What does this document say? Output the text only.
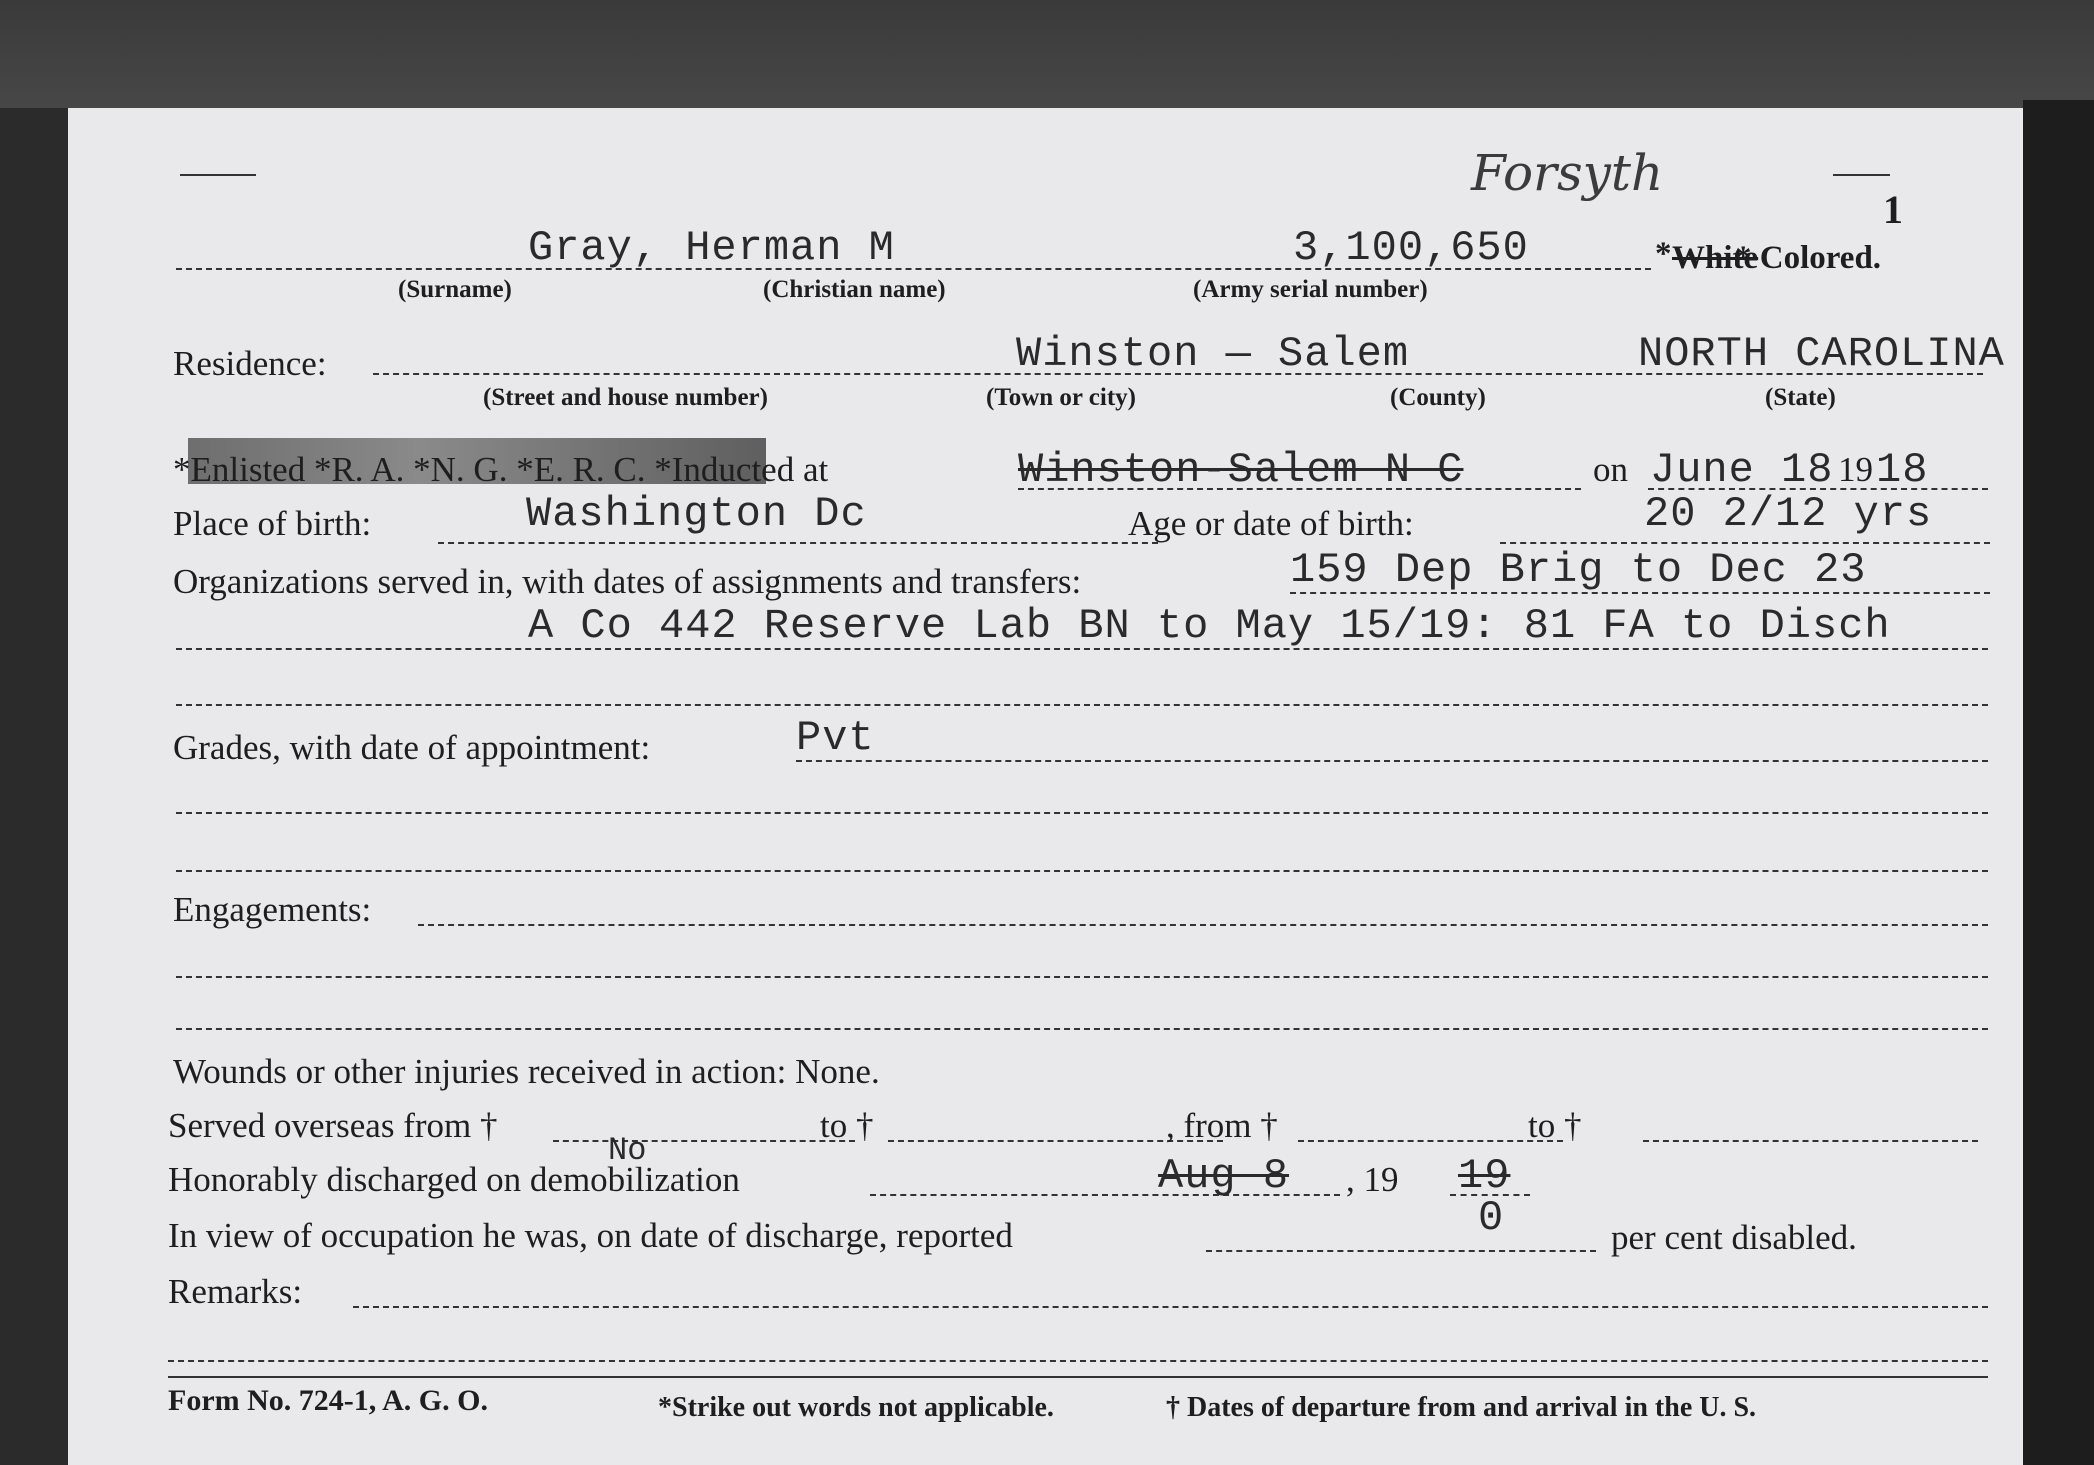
1
Forsyth
Gray, Herman M	3,100,650	* White
* Colored.
(Surname)	(Christian name)	(Army serial number)
Residence:	Winston — Salem	NORTH CAROLINA
(Street and house number)	(Town or city)	(County)	(State)
*Enlisted *R. A. *N. G. *E. R. C. *Inducted at	Winston-Salem N C	on June 18 19 18
Place of birth:	Washington Dc	Age or date of birth:	20 2/12 yrs
Organizations served in, with dates of assignments and transfers:	159 Dep Brig to Dec 23
A Co 442 Reserve Lab BN to May 15/19: 81 FA to Disch
Grades, with date of appointment:	Pvt
Engagements:
Wounds or other injuries received in action: None.
Served overseas from †	to †	, from †	to †
No
Honorably discharged on demobilization	Aug 8 , 19 19
In view of occupation he was, on date of discharge, reported	0	per cent disabled.
Remarks:
Form No. 724-1, A. G. O.	*Strike out words not applicable.	† Dates of departure from and arrival in the U. S.
